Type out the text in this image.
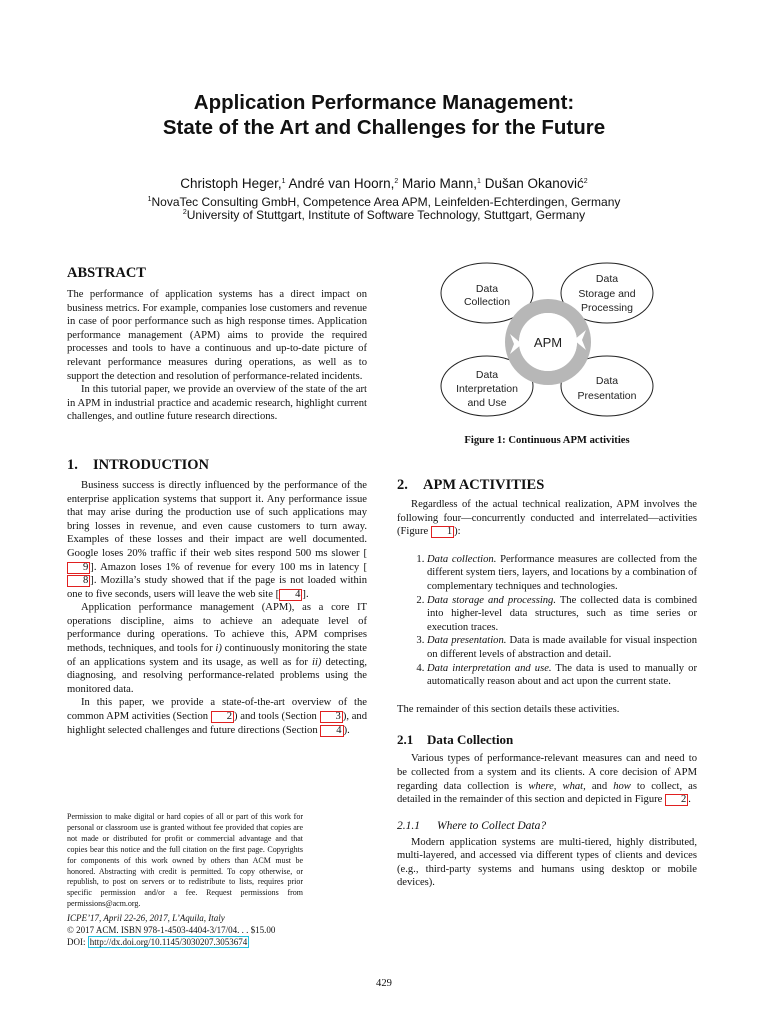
Application Performance Management:
State of the Art and Challenges for the Future
Christoph Heger,$^1$ André van Hoorn,$^2$ Mario Mann,$^1$ Dušan Okanović$^2$
$^1$NovaTec Consulting GmbH, Competence Area APM, Leinfelden-Echterdingen, Germany
$^2$University of Stuttgart, Institute of Software Technology, Stuttgart, Germany
ABSTRACT

The performance of application systems has a direct impact on business metrics. For example, companies lose customers and revenue in case of poor performance such as high response times. Application performance management (APM) aims to provide the required processes and tools to have a continuous and up-to-date picture of relevant performance measures during operations, as well as to support the detection and resolution of performance-related incidents.

In this tutorial paper, we provide an overview of the state of the art in APM in industrial practice and academic research, highlight current challenges, and outline future research directions.

1. INTRODUCTION

Business success is directly influenced by the performance of the enterprise application systems that support it. Any performance issue that may arise during the production use of such applications may bring losses in revenue, and even cause customers to turn away. Examples of these losses and their impact are well documented. Google loses 20% traffic if their web sites respond 500 ms slower [9 ]. Amazon loses 1% of revenue for every 100 ms in latency [8 ]. Mozilla’s study showed that if the page is not loaded within one to five seconds, users will leave the web site [ 4 ].

Application performance management (APM), as a core IT operations discipline, aims to achieve an adequate level of performance during operations. To achieve this, APM comprises methods, techniques, and tools for i) continuously monitoring the state of an applications system and its usage, as well as for ii) detecting, diagnosing, and resolving performance-related problems using the monitored data.

In this paper, we provide a state-of-the-art overview of the common APM activities (Section 2 ) and tools (Section 3 ), and highlight selected challenges and future directions (Section 4 ).

Permission to make digital or hard copies of all or part of this work for personal or classroom use is granted without fee provided that copies are not made or distributed for profit or commercial advantage and that copies bear this notice and the full citation on the first page. Copyrights for components of this work owned by others than ACM must be honored. Abstracting with credit is permitted. To copy otherwise, or republish, to post on servers or to redistribute to lists, requires prior specific permission and/or a fee. Request permissions from permissions@acm.org.
ICPE’17, April 22-26, 2017, L’Aquila, Italy
© 2017 ACM. ISBN 978-1-4503-4404-3/17/04. . . $15.00
DOI: http://dx.doi.org/10.1145/3030207.3053674
APM
Data
Collection
Data
Storage and
Processing
Data
Interpretation
and Use
Data
Presentation
Figure 1: Continuous APM activities
2. APM ACTIVITIES

Regardless of the actual technical realization, APM involves the following four—concurrently conducted and interrelated—activities (Figure 1 ):

1. Data collection. Performance measures are collected from the different system tiers, layers, and locations by a combination of complementary techniques and technologies.
2. Data storage and processing. The collected data is combined into higher-level data structures, such as time series or execution traces.
3. Data presentation. Data is made available for visual inspection on different levels of abstraction and detail.
4. Data interpretation and use. The data is used to manually or automatically reason about and act upon the current state.

The remainder of this section details these activities.

2.1 Data Collection

Various types of performance-relevant measures can and need to be collected from a system and its clients. A core decision of APM regarding data collection is where, what, and how to collect, as detailed in the remainder of this section and depicted in Figure 2 .

2.1.1 Where to Collect Data?

Modern application systems are multi-tiered, highly distributed, multi-layered, and accessed via different types of clients and devices (e.g., third-party systems and humans using desktop or mobile devices).

429
